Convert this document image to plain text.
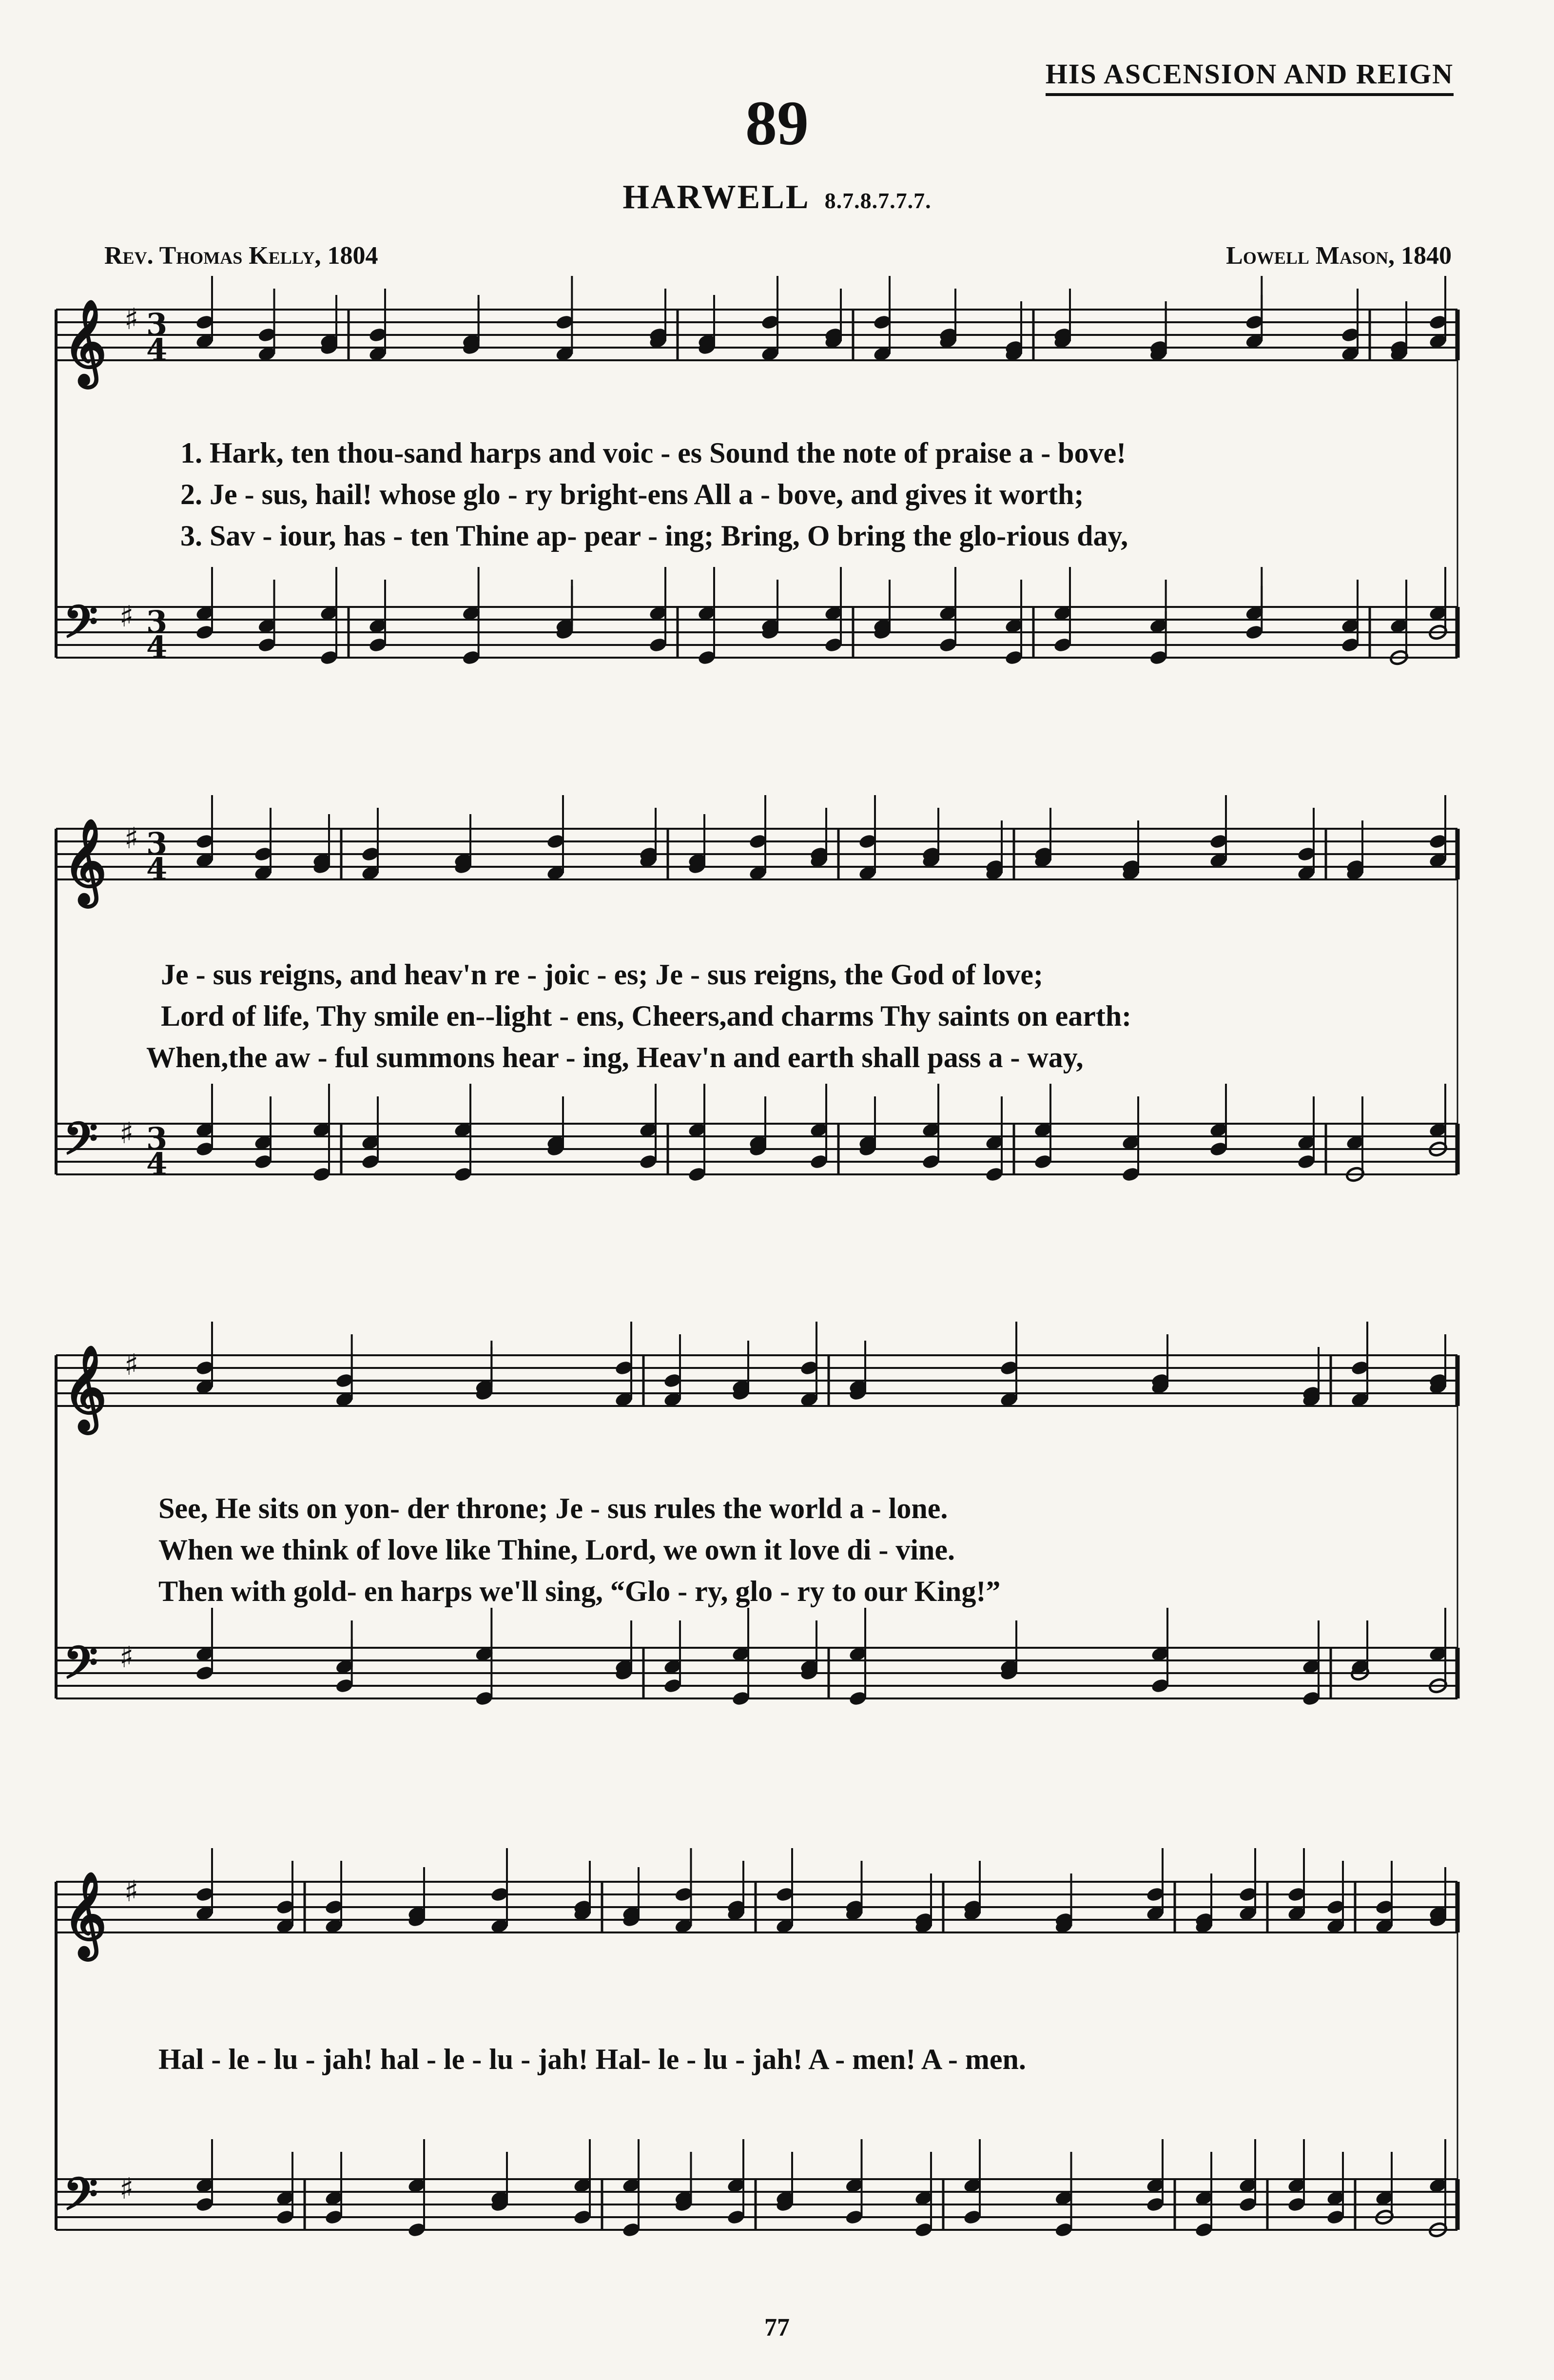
HIS ASCENSION AND REIGN
89
HARWELL 8.7.8.7.7.7.
Rev. Thomas Kelly, 1804	Lowell Mason, 1840
𝄞 ♯ 3
4
𝄞 ♯ 3
4
𝄞 ♯
𝄞 ♯
𝄢 ♯ 3
4
𝄢 ♯ 3
4
𝄢 ♯
𝄢 ♯
1. Hark, ten thou-sand harps and voic - es Sound the note of praise a - bove!
2. Je - sus, hail! whose glo - ry bright-ens All a - bove, and gives it worth;
3. Sav - iour, has - ten Thine ap- pear - ing; Bring, O bring the glo-rious day,
Je - sus reigns, and heav'n re - joic - es; Je - sus reigns, the God of love;
Lord of life, Thy smile en--light - ens, Cheers,and charms Thy saints on earth:
When,the aw - ful summons hear - ing, Heav'n and earth shall pass a - way,
See, He sits on yon- der throne; Je - sus rules the world a - lone.
When we think of love like Thine, Lord, we own it love di - vine.
Then with gold- en harps we'll sing, “Glo - ry, glo - ry to our King!”
Hal - le - lu - jah! hal - le - lu - jah! Hal- le - lu - jah! A - men! A - men.
77
